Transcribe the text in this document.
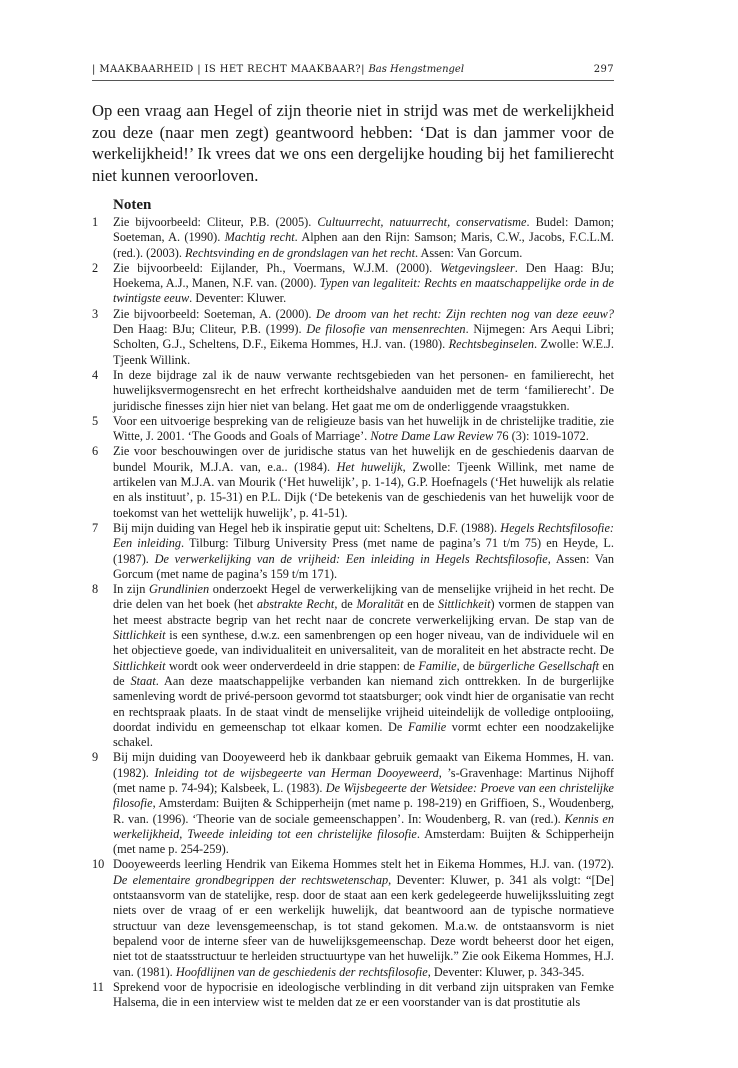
| MAAKBAARHEID | IS HET RECHT MAAKBAAR?| Bas Hengstmengel	297

Op een vraag aan Hegel of zijn theorie niet in strijd was met de werkelijkheid zou deze (naar men zegt) geantwoord hebben: ‘Dat is dan jammer voor de werkelijkheid!’ Ik vrees dat we ons een dergelijke houding bij het familierecht niet kunnen veroorloven.

Noten
1	Zie bijvoorbeeld: Cliteur, P.B. (2005). Cultuurrecht, natuurrecht, conservatisme. Budel: Damon; Soeteman, A. (1990). Machtig recht. Alphen aan den Rijn: Samson; Maris, C.W., Jacobs, F.C.L.M. (red.). (2003). Rechtsvinding en de grondslagen van het recht. Assen: Van Gorcum.
2	Zie bijvoorbeeld: Eijlander, Ph., Voermans, W.J.M. (2000). Wetgevingsleer. Den Haag: BJu; Hoekema, A.J., Manen, N.F. van. (2000). Typen van legaliteit: Rechts en maatschappelijke orde in de twintigste eeuw. Deventer: Kluwer.
3	Zie bijvoorbeeld: Soeteman, A. (2000). De droom van het recht: Zijn rechten nog van deze eeuw? Den Haag: BJu; Cliteur, P.B. (1999). De filosofie van mensenrechten. Nijmegen: Ars Aequi Libri; Scholten, G.J., Scheltens, D.F., Eikema Hommes, H.J. van. (1980). Rechtsbeginselen. Zwolle: W.E.J. Tjeenk Willink.
4	In deze bijdrage zal ik de nauw verwante rechtsgebieden van het personen- en familierecht, het huwelijksvermogensrecht en het erfrecht kortheidshalve aanduiden met de term ‘familierecht’. De juridische finesses zijn hier niet van belang. Het gaat me om de onderliggende vraagstukken.
5	Voor een uitvoerige bespreking van de religieuze basis van het huwelijk in de christelijke traditie, zie Witte, J. 2001. ‘The Goods and Goals of Marriage’. Notre Dame Law Review 76 (3): 1019-1072.
6	Zie voor beschouwingen over de juridische status van het huwelijk en de geschiedenis daarvan de bundel Mourik, M.J.A. van, e.a.. (1984). Het huwelijk, Zwolle: Tjeenk Willink, met name de artikelen van M.J.A. van Mourik (‘Het huwelijk’, p. 1-14), G.P. Hoefnagels (‘Het huwelijk als relatie en als instituut’, p. 15-31) en P.L. Dijk (‘De betekenis van de geschiedenis van het huwelijk voor de toekomst van het wettelijk huwelijk’, p. 41-51).
7	Bij mijn duiding van Hegel heb ik inspiratie geput uit: Scheltens, D.F. (1988). Hegels Rechtsfilosofie: Een inleiding. Tilburg: Tilburg University Press (met name de pagina’s 71 t/m 75) en Heyde, L. (1987). De verwerkelijking van de vrijheid: Een inleiding in Hegels Rechtsfilosofie, Assen: Van Gorcum (met name de pagina’s 159 t/m 171).
8	In zijn Grundlinien onderzoekt Hegel de verwerkelijking van de menselijke vrijheid in het recht. De drie delen van het boek (het abstrakte Recht, de Moralität en de Sittlichkeit) vormen de stappen van het meest abstracte begrip van het recht naar de concrete verwerkelijking ervan. De stap van de Sittlichkeit is een synthese, d.w.z. een samenbrengen op een hoger niveau, van de individuele wil en het objectieve goede, van individualiteit en universaliteit, van de moraliteit en het abstracte recht. De Sittlichkeit wordt ook weer onderverdeeld in drie stappen: de Familie, de bürgerliche Gesellschaft en de Staat. Aan deze maatschappelijke verbanden kan niemand zich onttrekken. In de burgerlijke samenleving wordt de privé-persoon gevormd tot staatsburger; ook vindt hier de organisatie van recht en rechtspraak plaats. In de staat vindt de menselijke vrijheid uiteindelijk de volledige ontplooiing, doordat individu en gemeenschap tot elkaar komen. De Familie vormt echter een noodzakelijke schakel.
9	Bij mijn duiding van Dooyeweerd heb ik dankbaar gebruik gemaakt van Eikema Hommes, H. van. (1982). Inleiding tot de wijsbegeerte van Herman Dooyeweerd, ’s-Gravenhage: Martinus Nijhoff (met name p. 74-94); Kalsbeek, L. (1983). De Wijsbegeerte der Wetsidee: Proeve van een christelijke filosofie, Amsterdam: Buijten & Schipperheijn (met name p. 198-219) en Griffioen, S., Woudenberg, R. van. (1996). ‘Theorie van de sociale gemeenschappen’. In: Woudenberg, R. van (red.). Kennis en werkelijkheid, Tweede inleiding tot een christelijke filosofie. Amsterdam: Buijten & Schipperheijn (met name p. 254-259).
10 Dooyeweerds leerling Hendrik van Eikema Hommes stelt het in Eikema Hommes, H.J. van. (1972). De elementaire grondbegrippen der rechtswetenschap, Deventer: Kluwer, p. 341 als volgt: “[De] ontstaansvorm van de statelijke, resp. door de staat aan een kerk gedelegeerde huwelijkssluiting zegt niets over de vraag of er een werkelijk huwelijk, dat beantwoord aan de typische normatieve structuur van deze levensgemeenschap, is tot stand gekomen. M.a.w. de ontstaansvorm is niet bepalend voor de interne sfeer van de huwelijksgemeenschap. Deze wordt beheerst door het eigen, niet tot de staatsstructuur te herleiden structuurtype van het huwelijk.” Zie ook Eikema Hommes, H.J. van. (1981). Hoofdlijnen van de geschiedenis der rechtsfilosofie, Deventer: Kluwer, p. 343-345.
11 Sprekend voor de hypocrisie en ideologische verblinding in dit verband zijn uitspraken van Femke Halsema, die in een interview wist te melden dat ze er een voorstander van is dat prostitutie als
